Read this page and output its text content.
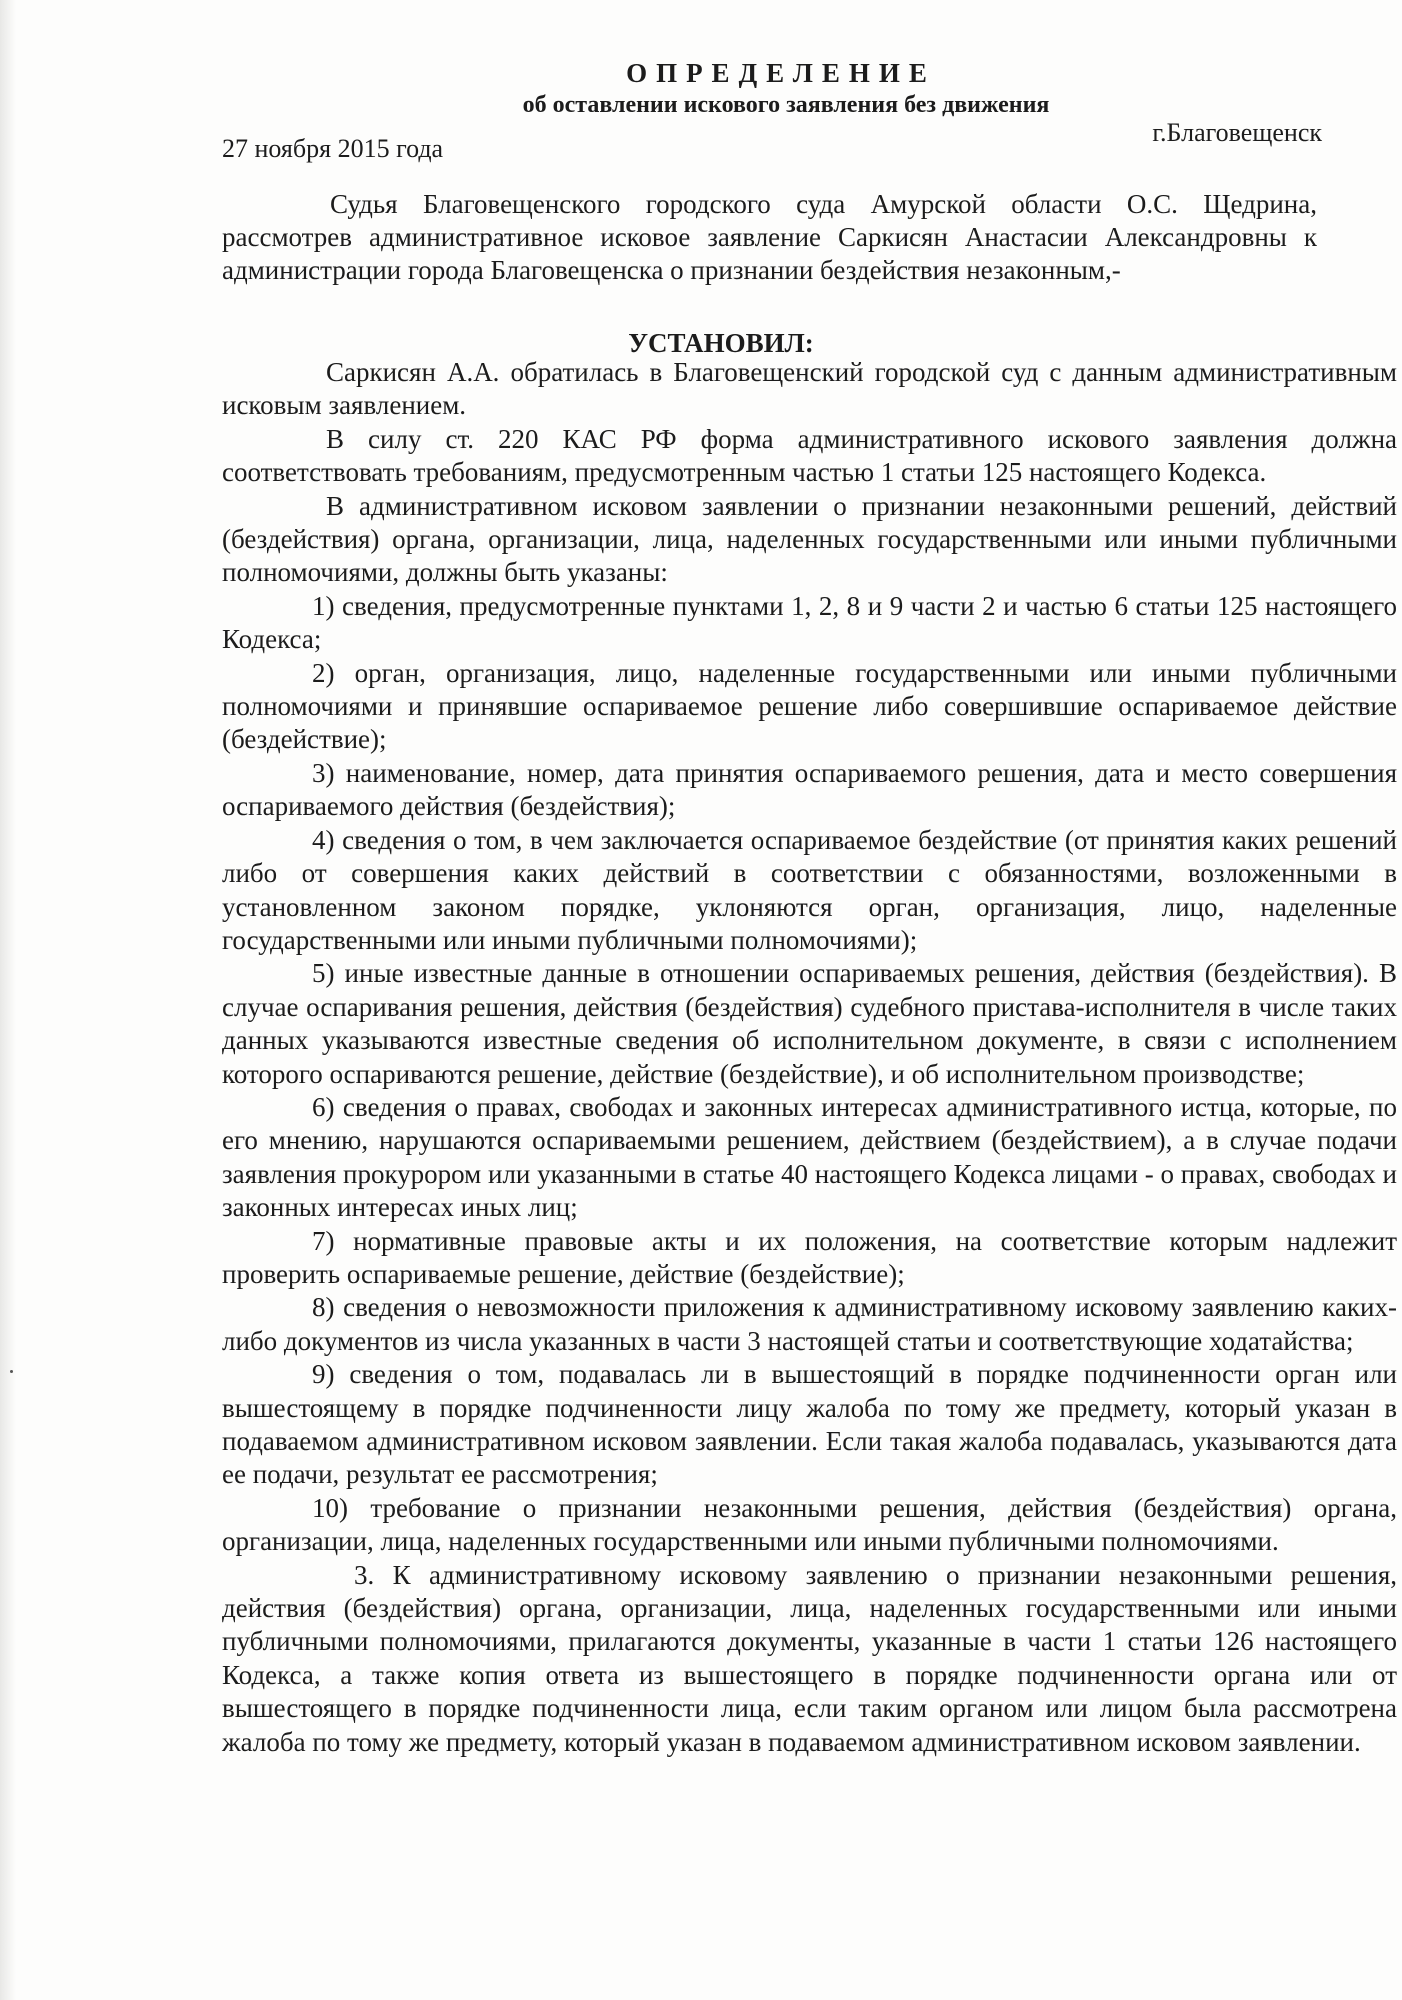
ОПРЕДЕЛЕНИЕ
об оставлении искового заявления без движения
27 ноября 2015 года
г.Благовещенск
Судья Благовещенского городского суда Амурской области О.С. Щедрина, рассмотрев административное исковое заявление Саркисян Анастасии Александровны к администрации города Благовещенска о признании бездействия незаконным,-
УСТАНОВИЛ:

Саркисян А.А. обратилась в Благовещенский городской суд с данным административным исковым заявлением.

В силу ст. 220 КАС РФ форма административного искового заявления должна соответствовать требованиям, предусмотренным частью 1 статьи 125 настоящего Кодекса.

В административном исковом заявлении о признании незаконными решений, действий (бездействия) органа, организации, лица, наделенных государственными или иными публичными полномочиями, должны быть указаны:

1) сведения, предусмотренные пунктами 1, 2, 8 и 9 части 2 и частью 6 статьи 125 настоящего Кодекса;

2) орган, организация, лицо, наделенные государственными или иными публичными полномочиями и принявшие оспариваемое решение либо совершившие оспариваемое действие (бездействие);

3) наименование, номер, дата принятия оспариваемого решения, дата и место совершения оспариваемого действия (бездействия);

4) сведения о том, в чем заключается оспариваемое бездействие (от принятия каких решений либо от совершения каких действий в соответствии с обязанностями, возложенными в установленном законом порядке, уклоняются орган, организация, лицо, наделенные государственными или иными публичными полномочиями);

5) иные известные данные в отношении оспариваемых решения, действия (бездействия). В случае оспаривания решения, действия (бездействия) судебного пристава-исполнителя в числе таких данных указываются известные сведения об исполнительном документе, в связи с исполнением которого оспариваются решение, действие (бездействие), и об исполнительном производстве;

6) сведения о правах, свободах и законных интересах административного истца, которые, по его мнению, нарушаются оспариваемыми решением, действием (бездействием), а в случае подачи заявления прокурором или указанными в статье 40 настоящего Кодекса лицами - о правах, свободах и законных интересах иных лиц;

7) нормативные правовые акты и их положения, на соответствие которым надлежит проверить оспариваемые решение, действие (бездействие);

8) сведения о невозможности приложения к административному исковому заявлению каких-либо документов из числа указанных в части 3 настоящей статьи и соответствующие ходатайства;

9) сведения о том, подавалась ли в вышестоящий в порядке подчиненности орган или вышестоящему в порядке подчиненности лицу жалоба по тому же предмету, который указан в подаваемом административном исковом заявлении. Если такая жалоба подавалась, указываются дата ее подачи, результат ее рассмотрения;

10) требование о признании незаконными решения, действия (бездействия) органа, организации, лица, наделенных государственными или иными публичными полномочиями.

3. К административному исковому заявлению о признании незаконными решения, действия (бездействия) органа, организации, лица, наделенных государственными или иными публичными полномочиями, прилагаются документы, указанные в части 1 статьи 126 настоящего Кодекса, а также копия ответа из вышестоящего в порядке подчиненности органа или от вышестоящего в порядке подчиненности лица, если таким органом или лицом была рассмотрена жалоба по тому же предмету, который указан в подаваемом административном исковом заявлении.
